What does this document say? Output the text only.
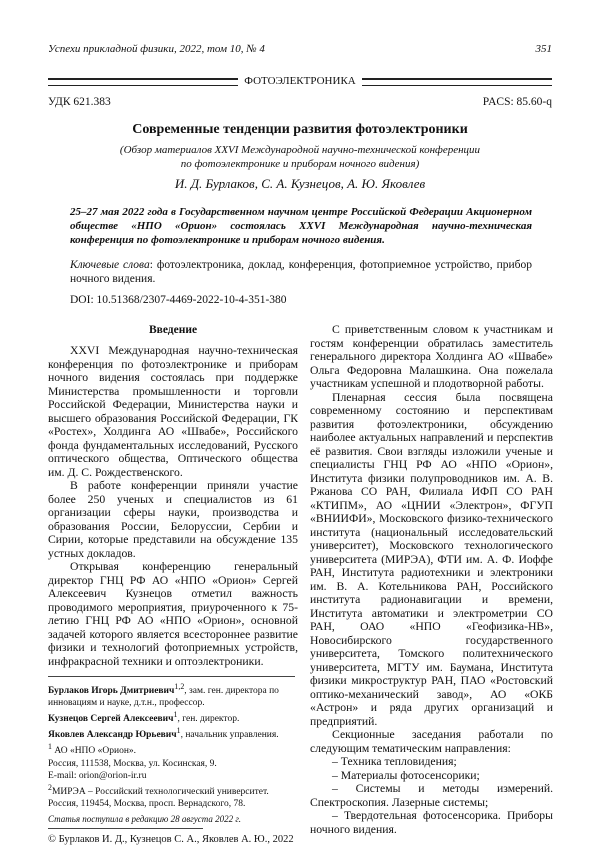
Успехи прикладной физики, 2022, том 10, № 4	351
ФОТОЭЛЕКТРОНИКА
УДК 621.383	PACS: 85.60-q
Современные тенденции развития фотоэлектроники
(Обзор материалов XXVI Международной научно-технической конференции
по фотоэлектронике и приборам ночного видения)
И. Д. Бурлаков, С. А. Кузнецов, А. Ю. Яковлев
25–27 мая 2022 года в Государственном научном центре Российской Федерации Акционерном обществе «НПО «Орион» состоялась XXVI Международная научно-техническая конференция по фотоэлектронике и приборам ночного видения.
Ключевые слова: фотоэлектроника, доклад, конференция, фотоприемное устройство, прибор ночного видения.
DOI: 10.51368/2307-4469-2022-10-4-351-380
Введение

XXVI Международная научно-техническая конференция по фотоэлектронике и приборам ночного видения состоялась при поддержке Министерства промышленности и торговли Российской Федерации, Министерства науки и высшего образования Российской Федерации, ГК «Ростех», Холдинга АО «Швабе», Российского фонда фундаментальных исследований, Русского оптического общества, Оптического общества им. Д. С. Рождественского.

В работе конференции приняли участие более 250 ученых и специалистов из 61 организации сферы науки, производства и образования России, Белоруссии, Сербии и Сирии, которые представили на обсуждение 135 устных докладов.

Открывая конференцию генеральный директор ГНЦ РФ АО «НПО «Орион» Сергей Алексеевич Кузнецов отметил важность проводимого мероприятия, приуроченного к 75-летию ГНЦ РФ АО «НПО «Орион», основной задачей которого является всестороннее развитие физики и технологий фотоприемных устройств, инфракрасной техники и оптоэлектроники.

Бурлаков Игорь Дмитриевич1,2, зам. ген. директора по инновациям и науке, д.т.н., профессор.
Кузнецов Сергей Алексеевич1, ген. директор.
Яковлев Александр Юрьевич1, начальник управления.
1 АО «НПО «Орион».
Россия, 111538, Москва, ул. Косинская, 9.
E-mail: orion@orion-ir.ru
2МИРЭА – Российский технологический университет.
Россия, 119454, Москва, просп. Вернадского, 78.
Статья поступила в редакцию 28 августа 2022 г.
© Бурлаков И. Д., Кузнецов С. А., Яковлев А. Ю., 2022

С приветственным словом к участникам и гостям конференции обратилась заместитель генерального директора Холдинга АО «Швабе» Ольга Федоровна Малашкина. Она пожелала участникам успешной и плодотворной работы.

Пленарная сессия была посвящена современному состоянию и перспективам развития фотоэлектроники, обсуждению наиболее актуальных направлений и перспектив её развития. Свои взгляды изложили ученые и специалисты ГНЦ РФ АО «НПО «Орион», Института физики полупроводников им. А. В. Ржанова СО РАН, Филиала ИФП СО РАН «КТИПМ», АО «ЦНИИ «Электрон», ФГУП «ВНИИФИ», Московского физико-технического института (национальный исследовательский университет), Московского технологического университета (МИРЭА), ФТИ им. А. Ф. Иоффе РАН, Института радиотехники и электроники им. В. А. Котельникова РАН, Российского института радионавигации и времени, Института автоматики и электрометрии СО РАН, ОАО «НПО «Геофизика-НВ», Новосибирского государственного университета, Томского политехнического университета, МГТУ им. Баумана, Института физики микроструктур РАН, ПАО «Ростовский оптико-механический завод», АО «ОКБ «Астрон» и ряда других организаций и предприятий.

Секционные заседания работали по следующим тематическим направления:

– Техника тепловидения;

– Материалы фотосенсорики;

– Системы и методы измерений. Спектроскопия. Лазерные системы;

– Твердотельная фотосенсорика. Приборы ночного видения.
